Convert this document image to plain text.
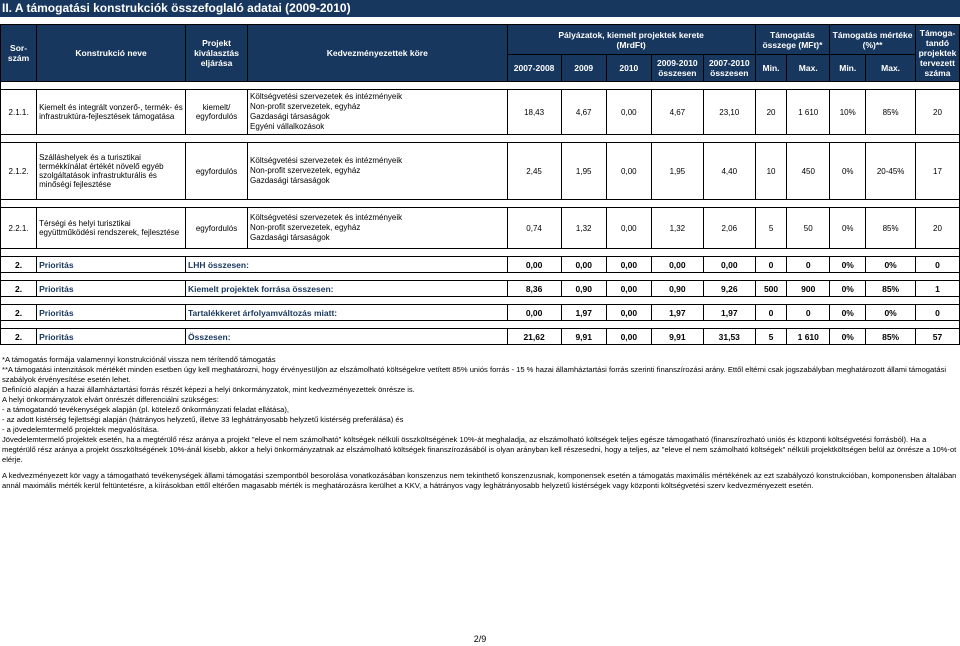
II. A támogatási konstrukciók összefoglaló adatai (2009-2010)
Sor-szám	Konstrukció neve	Projekt kiválasztás eljárása	Kedvezményezettek köre	Pályázatok, kiemelt projektek kerete
(MrdFt)					Támogatás összege (MFt)*		Támogatás mértéke (%)**		Támoga-tandó projektek tervezett száma
				2007-2008	2009	2010	2009-2010 összesen	2007-2010 összesen	Min.	Max.	Min.	Max.	

2.1.1.	Kiemelt és integrált vonzerő-, termék- és infrastruktúra-fejlesztések támogatása	kiemelt/ egyfordulós	Költségvetési szervezetek és intézményeik
Non-profit szervezetek, egyház
Gazdasági társaságok
Egyéni vállalkozások	18,43	4,67	0,00	4,67	23,10	20	1 610	10%	85%	20

2.1.2.	Szálláshelyek és a turisztikai termékkínálat értékét növelő egyéb szolgáltatások infrastrukturális és minőségi fejlesztése	egyfordulós	Költségvetési szervezetek és intézményeik
Non-profit szervezetek, egyház
Gazdasági társaságok	2,45	1,95	0,00	1,95	4,40	10	450	0%	20-45%	17

2.2.1.	Térségi és helyi turisztikai együttműködési rendszerek, fejlesztése	egyfordulós	Költségvetési szervezetek és intézményeik
Non-profit szervezetek, egyház
Gazdasági társaságok	0,74	1,32	0,00	1,32	2,06	5	50	0%	85%	20

2.	Prioritás	LHH összesen:		0,00	0,00	0,00	0,00	0,00	0	0	0%	0%	0

2.	Prioritás	Kiemelt projektek forrása összesen:		8,36	0,90	0,00	0,90	9,26	500	900	0%	85%	1

2.	Prioritás	Tartalékkeret árfolyamváltozás miatt:		0,00	1,97	0,00	1,97	1,97	0	0	0%	0%	0

2.	Prioritás	Összesen:		21,62	9,91	0,00	9,91	31,53	5	1 610	0%	85%	57

*A támogatás formája valamennyi konstrukciónál vissza nem térítendő támogatás

**A támogatási intenzitások mértékét minden esetben úgy kell meghatározni, hogy érvényesüljön az elszámolható költségekre vetített 85% uniós forrás - 15 % hazai államháztartási forrás szerinti finanszírozási arány. Ettől eltérni csak jogszabályban meghatározott állami támogatási szabályok érvényesítése esetén lehet.

Definíció alapján a hazai államháztartási forrás részét képezi a helyi önkormányzatok, mint kedvezményezettek önrésze is.

A helyi önkormányzatok elvárt önrészét differenciálni szükséges:

- a támogatandó tevékenységek alapján (pl. kötelező önkormányzati feladat ellátása),

- az adott kistérség fejlettségi alapján (hátrányos helyzetű, illetve 33 leghátrányosabb helyzetű kistérség preferálása) és

- a jövedelemtermelő projektek megvalósítása.

Jövedelemtermelő projektek esetén, ha a megtérülő rész aránya a projekt "eleve el nem számolható" költségek nélküli összköltségének 10%-át meghaladja, az elszámolható költségek teljes egésze támogatható (finanszírozható uniós és központi költségvetési forrásból). Ha a megtérülő rész aránya a projekt összköltségének 10%-ánál kisebb, akkor a helyi önkormányzatnak az elszámolható költségek finanszírozásából is olyan arányban kell részesedni, hogy a teljes, az "eleve el nem számolható költségek" nélküli projektköltségen belül az önrésze a 10%-ot elérje.

A kedvezményezett kör vagy a támogatható tevékenységek állami támogatási szempontból besorolása vonatkozásában konszenzus nem tekinthető konszenzusnak, komponensek esetén a támogatás maximális mértékének az ezt szabályozó konstrukcióban, komponensben általában annál maximális mérték kerül feltüntetésre, a kiírásokban ettől eltérően magasabb mérték is meghatározásra kerülhet a KKV, a hátrányos vagy leghátrányosabb helyzetű kistérségek vagy központi költségvetési szerv kedvezményezett esetén.

2/9
